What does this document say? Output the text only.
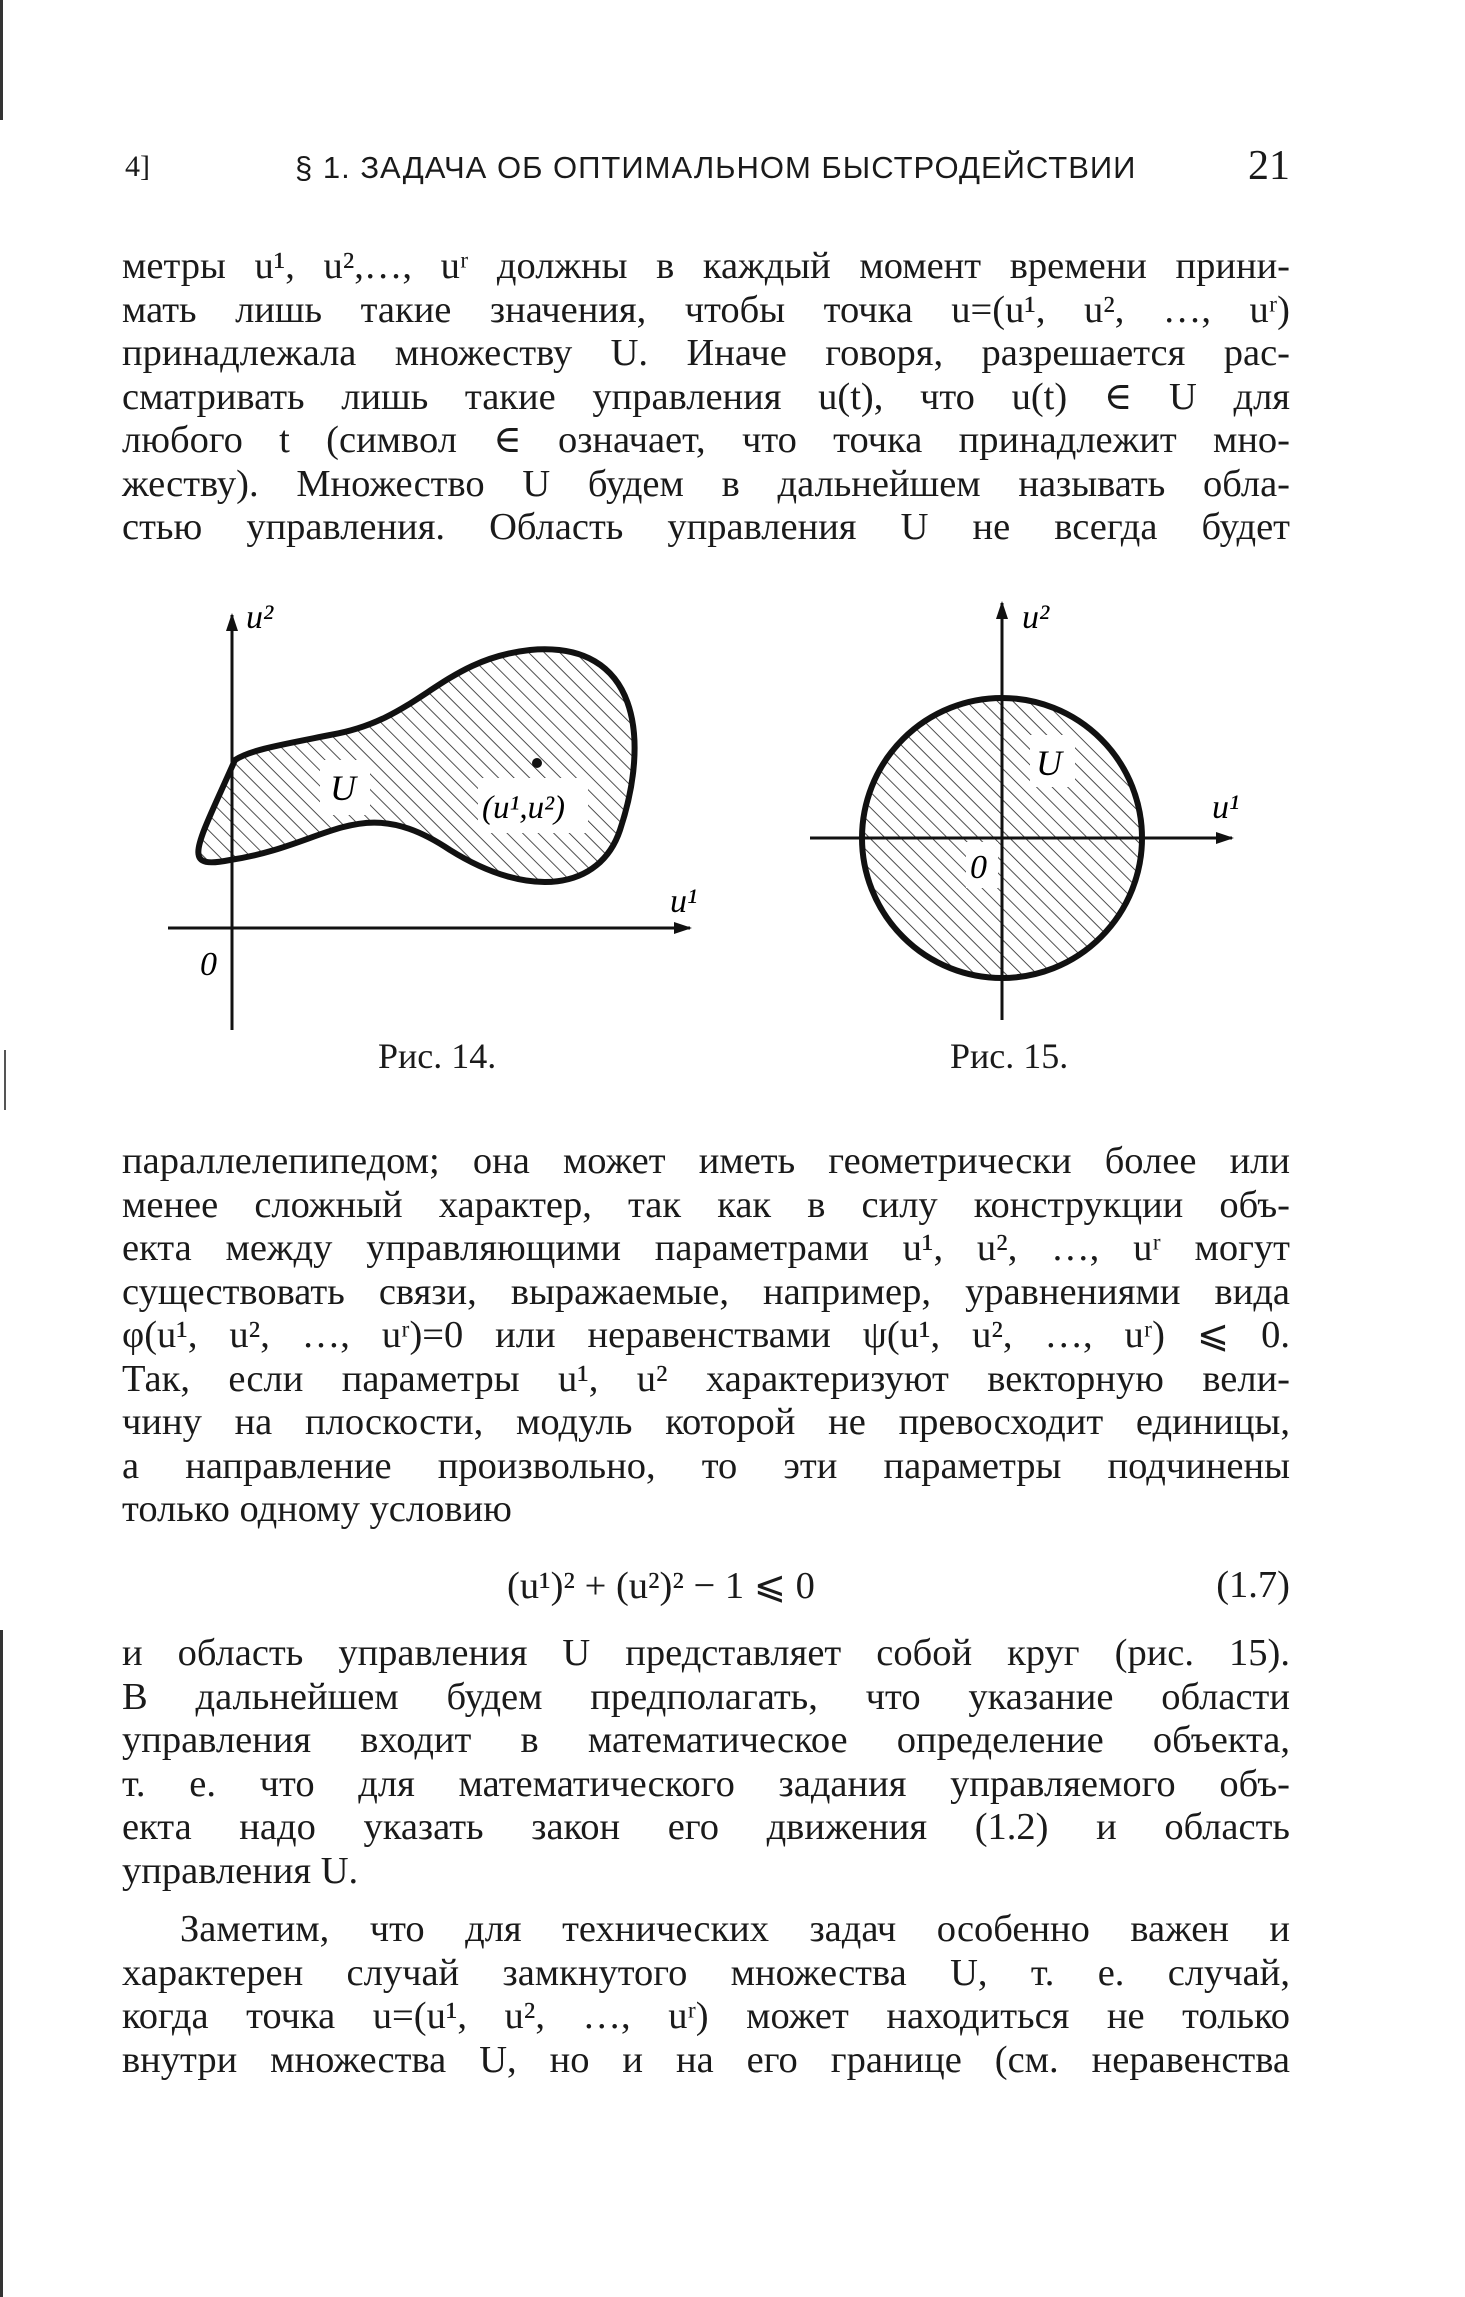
4]	§ 1. ЗАДАЧА ОБ ОПТИМАЛЬНОМ БЫСТРОДЕЙСТВИИ	21
метры u¹, u²,…, uʳ должны в каждый момент времени прини-
мать лишь такие значения, чтобы точка u=(u¹, u², …, uʳ)
принадлежала множеству U. Иначе говоря, разрешается рас-
сматривать лишь такие управления u(t), что u(t) ∈ U для
любого t (символ ∈ означает, что точка принадлежит мно-
жеству). Множество U будем в дальнейшем называть обла-
стью управления. Область управления U не всегда будет
u²
u¹
0
U	(u¹,u²)
u²
u¹
0
U
Рис. 14.	Рис. 15.
параллелепипедом; она может иметь геометрически более или
менее сложный характер, так как в силу конструкции объ-
екта между управляющими параметрами u¹, u², …, uʳ могут
существовать связи, выражаемые, например, уравнениями вида
φ(u¹, u², …, uʳ)=0 или неравенствами ψ(u¹, u², …, uʳ) ⩽ 0.
Так, если параметры u¹, u² характеризуют векторную вели-
чину на плоскости, модуль которой не превосходит единицы,
а направление произвольно, то эти параметры подчинены
только одному условию
(u¹)² + (u²)² − 1 ⩽ 0	(1.7)
и область управления U представляет собой круг (рис. 15).
В дальнейшем будем предполагать, что указание области
управления входит в математическое определение объекта,
т. е. что для математического задания управляемого объ-
екта надо указать закон его движения (1.2) и область
управления U.
Заметим, что для технических задач особенно важен и
характерен случай замкнутого множества U, т. е. случай,
когда точка u=(u¹, u², …, uʳ) может находиться не только
внутри множества U, но и на его границе (см. неравенства
